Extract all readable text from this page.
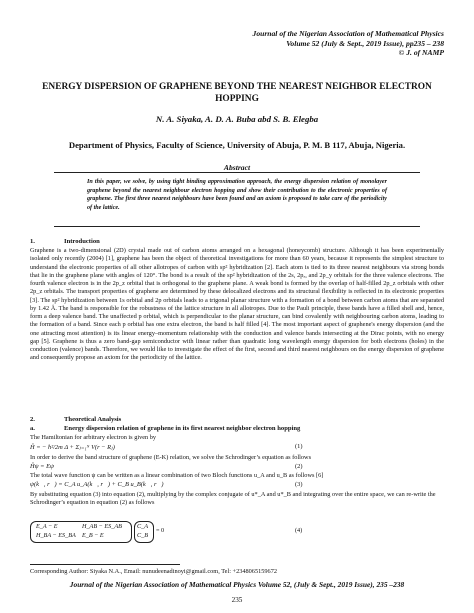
Journal of the Nigerian Association of Mathematical Physics
Volume 52 (July & Sept., 2019 Issue), pp235 – 238
© J. of NAMP
ENERGY DISPERSION OF GRAPHENE BEYOND THE NEAREST NEIGHBOR ELECTRON HOPPING
N. A. Siyaka, A. D. A. Buba abd S. B. Elegba
Department of Physics, Faculty of Science, University of Abuja, P. M. B 117, Abuja, Nigeria.
Abstract
In this paper, we solve, by using tight binding approximation approach, the energy dispersion relation of monolayer graphene beyond the nearest neighbour electron hopping and show their contribution to the electronic properties of graphene. The first three nearest neighbours have been found and an axiom is proposed to take care of the periodicity of the lattice.
1.	Introduction
Graphene is a two-dimensional (2D) crystal made out of carbon atoms arranged on a hexagonal (honeycomb) structure. Although it has been experimentally isolated only recently (2004) [1], graphene has been the object of theoretical investigations for more than 60 years, because it represents the simplest structure to understand the electronic properties of all other allotropes of carbon with sp² hybridization [2]. Each atom is tied to its three nearest neighbours via strong bonds that lie in the graphene plane with angles of 120°. The bond is a result of the sp² hybridization of the 2s, 2pₓ, and 2p_y orbitals for the three valence electrons. The fourth valence electron is in the 2p_z orbital that is orthogonal to the graphene plane. A weak bond is formed by the overlap of half-filled 2p_z orbitals with other 2p_z orbitals. The transport properties of graphene are determined by these delocalized electrons and its structural flexibility is reflected in its electronic properties [3]. The sp² hybridization between 1s orbital and 2p orbitals leads to a trigonal planar structure with a formation of a bond between carbon atoms that are separated by 1.42 Å. The band is responsible for the robustness of the lattice structure in all allotropes. Due to the Pauli principle, these bands have a filled shell and, hence, form a deep valence band. The unaffected p orbital, which is perpendicular to the planar structure, can bind covalently with neighbouring carbon atoms, leading to the formation of a band. Since each p orbital has one extra electron, the band is half filled [4]. The most important aspect of graphene's energy dispersion (and the one attracting most attention) is its linear energy–momentum relationship with the conduction and valence bands intersecting at the Dirac points, with no energy gap [5]. Graphene is thus a zero band-gap semiconductor with linear rather than quadratic long wavelength energy dispersion for both electrons (holes) in the conduction (valence) bands. Therefore, we would like to investigate the effect of the first, second and third nearest neighbours on the energy dispersion of graphene and consequently propose an axiom for the periodicity of the lattice.
2.	Theoretical Analysis
a.	Energy dispersion relation of graphene in its first nearest neighbor electron hopping
The Hamiltonian for arbitrary electron is given by
Ĥ = − ħ²/2m Δ + Σⱼ₌₁ᴺ V(r − Rⱼ)	(1)
In order to derive the band structure of graphene (E-K) relation, we solve the Schrodinger’s equation as follows
Ĥψ = Eψ	(2)
The total wave function ψ can be written as a linear combination of two Bloch functions u_A and u_B as follows [6]
ψ(k⃗, r⃗) = C_A u_A(k⃗, r⃗) + C_B u_B(k⃗, r⃗)	(3)
By substituting equation (3) into equation (2), multiplying by the complex conjugate of u*_A and u*_B and integrating over the entire space, we can re-write the Schrodinger’s equation in equation (2) as follows
E_A − E	H_AB − ES_AB
H_BA − ES_BA E_B − E
C_A
C_B
= 0	(4)
Corresponding Author: Siyaka N.A., Email: nunudeenadinoyi@gmail.com, Tel: +2348065159672
Journal of the Nigerian Association of Mathematical Physics Volume 52, (July & Sept., 2019 Issue), 235 –238
235
